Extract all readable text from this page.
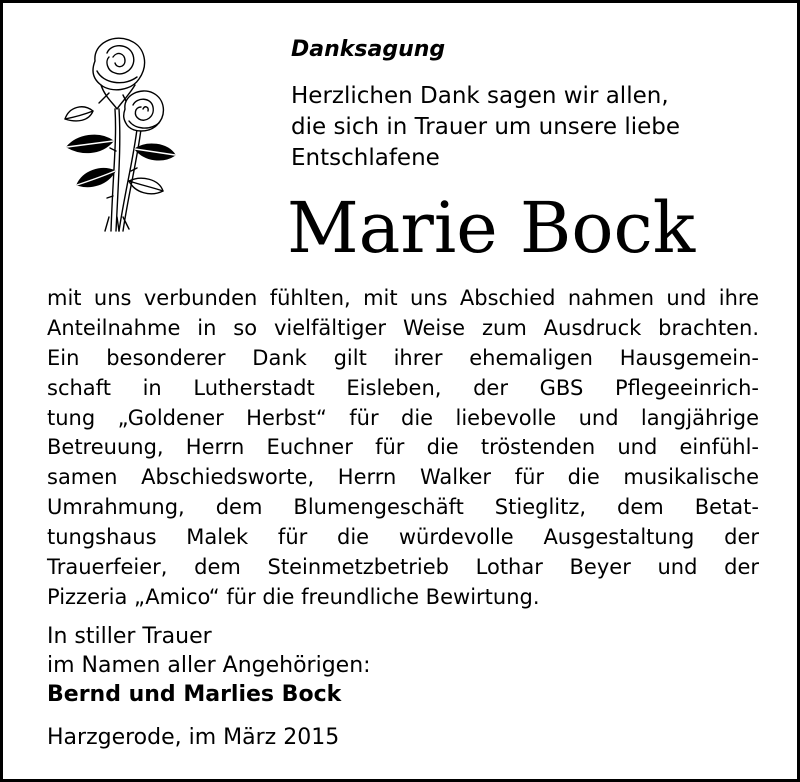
Danksagung
Herzlichen Dank sagen wir allen,
die sich in Trauer um unsere liebe
Entschlafene
Marie Bock
mit uns verbunden fühlten, mit uns Abschied nahmen und ihre
Anteilnahme in so vielfältiger Weise zum Ausdruck brachten.
Ein besonderer Dank gilt ihrer ehemaligen Hausgemein-
schaft in Lutherstadt Eisleben, der GBS Pflegeeinrich-
tung „Goldener Herbst“ für die liebevolle und langjährige
Betreuung, Herrn Euchner für die tröstenden und einfühl-
samen Abschiedsworte, Herrn Walker für die musikalische
Umrahmung, dem Blumengeschäft Stieglitz, dem Betat-
tungshaus Malek für die würdevolle Ausgestaltung der
Trauerfeier, dem Steinmetzbetrieb Lothar Beyer und der
Pizzeria „Amico“ für die freundliche Bewirtung.
In stiller Trauer
im Namen aller Angehörigen:
Bernd und Marlies Bock
Harzgerode, im März 2015
